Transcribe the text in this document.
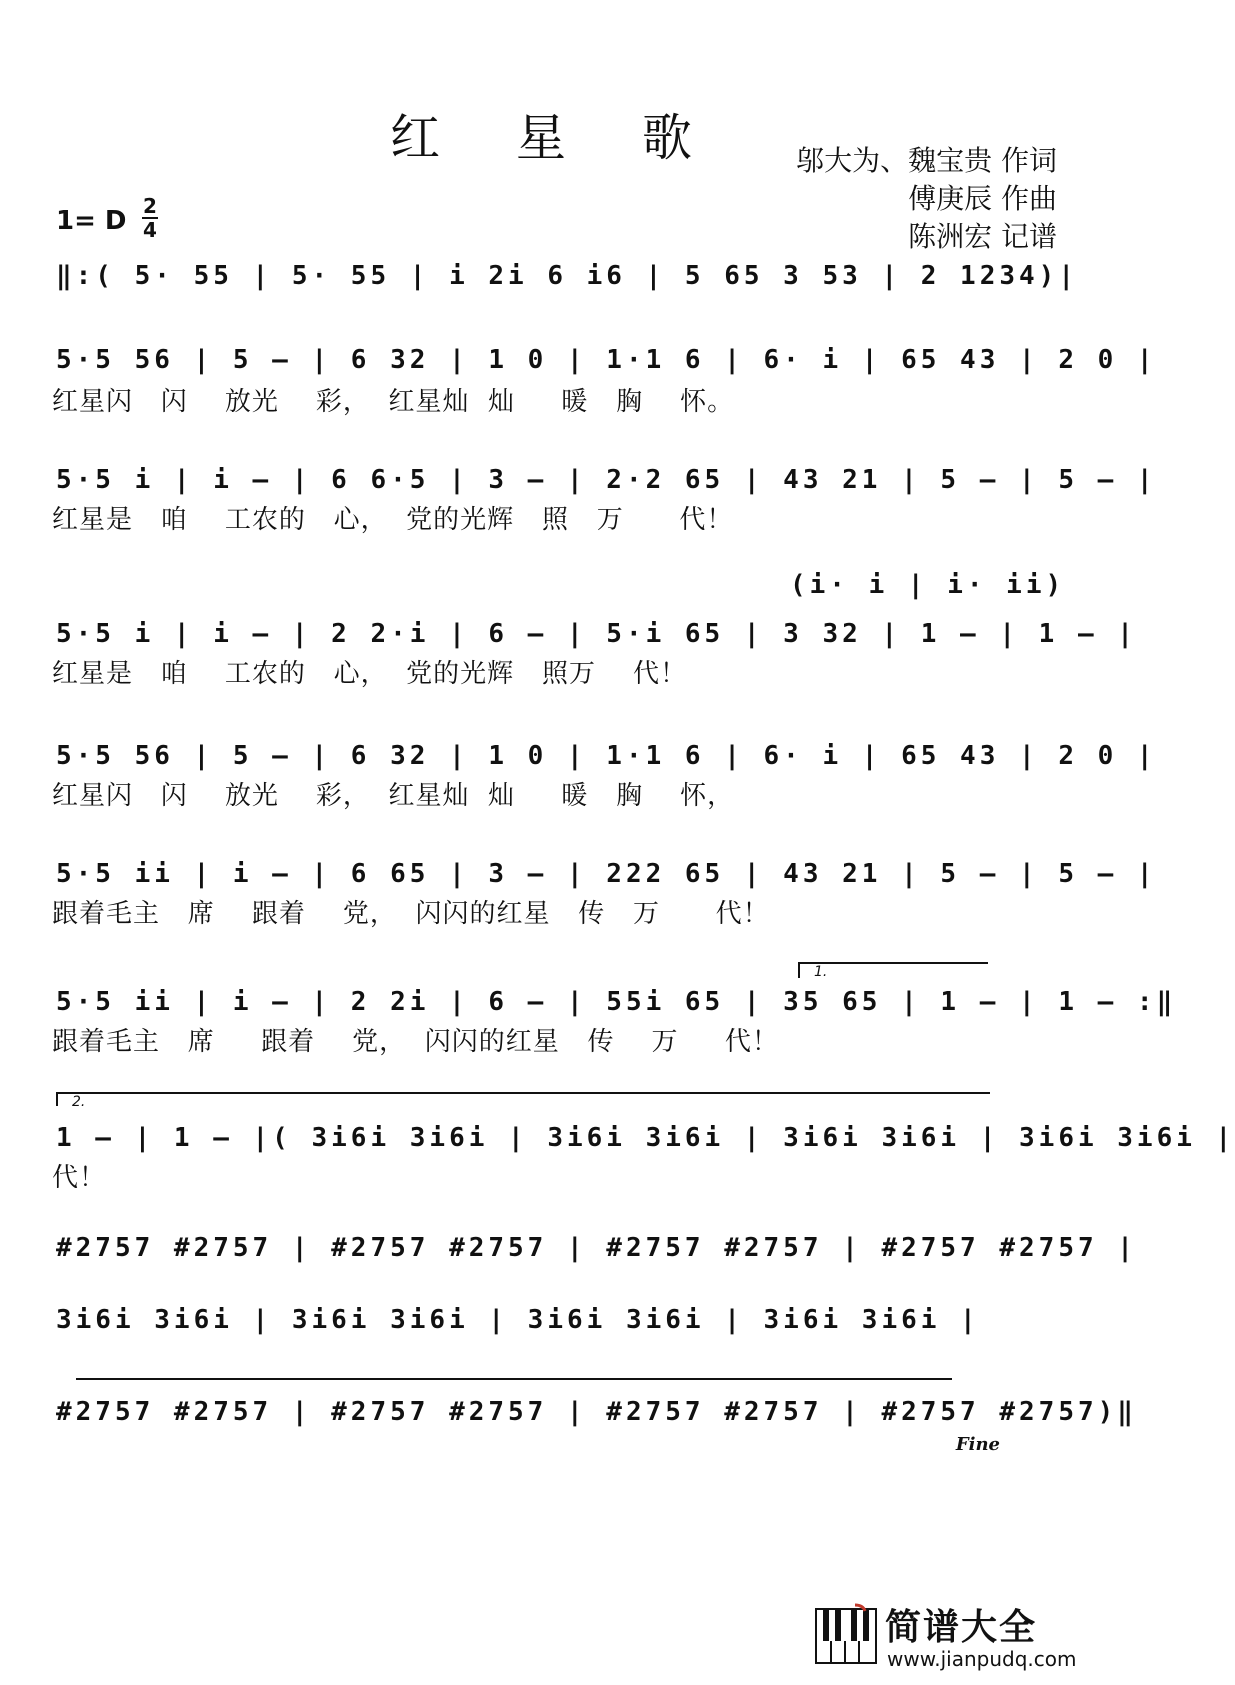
红 星 歌	邬大为、魏宝贵 作词
傅庚辰 作曲
陈洲宏 记谱
1= D 2
4
‖:( 5· 55 | 5· 55 | i 2i 6 i6 | 5 65 3 53 | 2 1234)|
5·5 56 | 5 – | 6 32 | 1 0 | 1·1 6 | 6· i | 65 43 | 2 0 |
红星闪   闪    放光    彩，  红星灿  灿     暖   胸    怀。
5·5 i | i – | 6 6·5 | 3 – | 2·2 65 | 43 21 | 5 – | 5 – |
红星是   咱    工农的   心，  党的光辉   照   万      代！
(i· i | i· ii)
5·5 i | i – | 2 2·i | 6 – | 5·i 65 | 3 32 | 1 – | 1 – |
红星是   咱    工农的   心，  党的光辉   照万    代！
5·5 56 | 5 – | 6 32 | 1 0 | 1·1 6 | 6· i | 65 43 | 2 0 |
红星闪   闪    放光    彩，  红星灿  灿     暖   胸    怀，
5·5 ii | i – | 6 65 | 3 – | 222 65 | 43 21 | 5 – | 5 – |
跟着毛主   席    跟着    党，  闪闪的红星   传   万      代！
1.
5·5 ii | i – | 2 2i | 6 – | 55i 65 | 35 65 | 1 – | 1 – :‖
跟着毛主   席     跟着    党，  闪闪的红星   传    万     代！
2.
1 – | 1 – |( 3i6i 3i6i | 3i6i 3i6i | 3i6i 3i6i | 3i6i 3i6i |
代！
#2757 #2757 | #2757 #2757 | #2757 #2757 | #2757 #2757 |
3i6i 3i6i | 3i6i 3i6i | 3i6i 3i6i | 3i6i 3i6i |
#2757 #2757 | #2757 #2757 | #2757 #2757 | #2757 #2757)‖
Fine
简谱大全
www.jianpudq.com
